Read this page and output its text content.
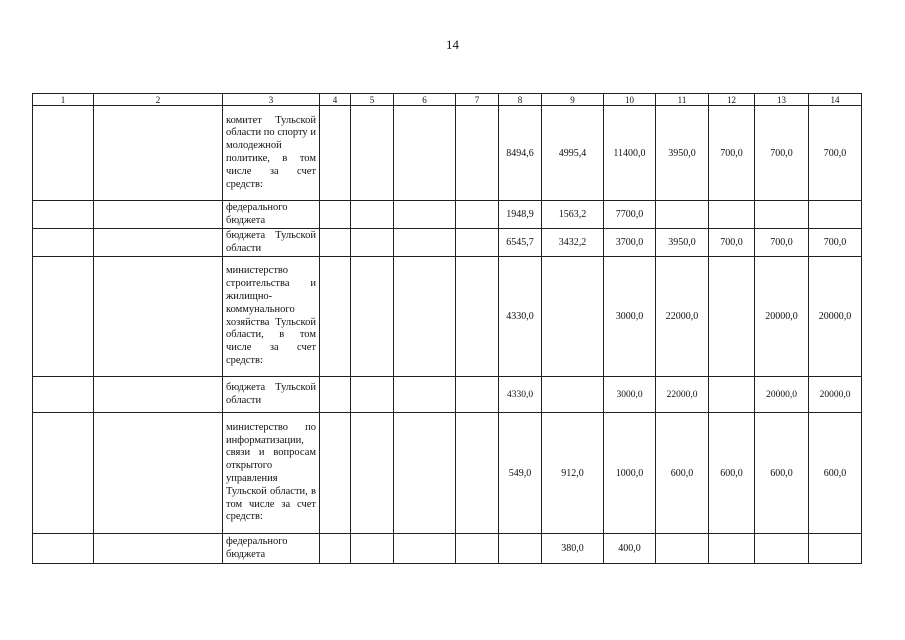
14
1	2	3	4	5	6	7	8	9	10	11	12	13	14
		комитет Тульской области по спорту и молодежной политике, в том числе за счет средств:					8494,6	4995,4	11400,0	3950,0	700,0	700,0	700,0
		федерального бюджета					1948,9	1563,2	7700,0				
		бюджета Тульской области					6545,7	3432,2	3700,0	3950,0	700,0	700,0	700,0
		министерство строительства и жилищно-коммунального хозяйства Тульской области, в том числе за счет средств:					4330,0		3000,0	22000,0		20000,0	20000,0
		бюджета Тульской области					4330,0		3000,0	22000,0		20000,0	20000,0
		министерство по информатизации, связи и вопросам открытого управления Тульской области, в том числе за счет средств:					549,0	912,0	1000,0	600,0	600,0	600,0	600,0
		федерального бюджета						380,0	400,0				
